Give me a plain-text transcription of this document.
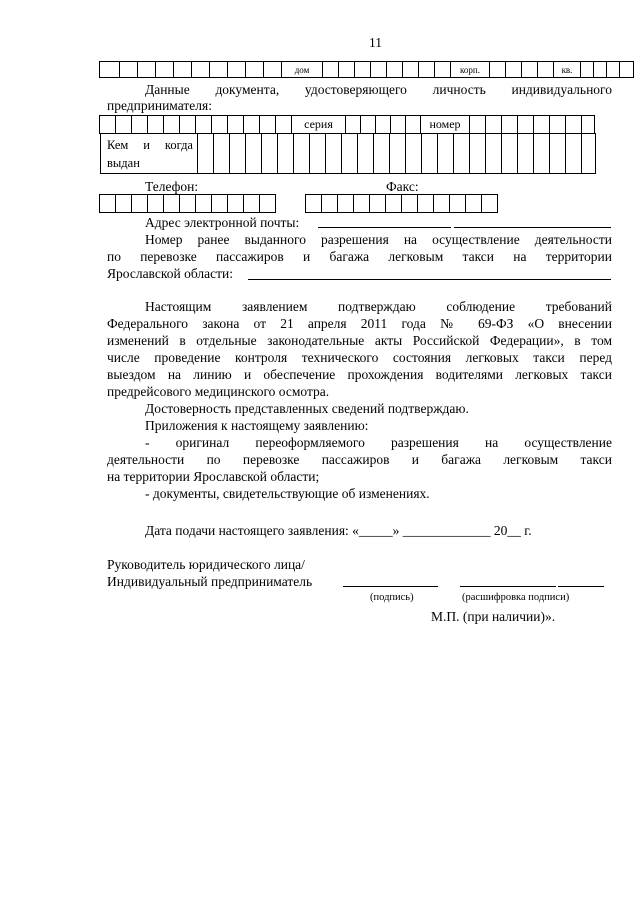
11
дом	корп.	кв.
Данные документа, удостоверяющего личность индивидуального
предпринимателя:
серия	номер
Кем и когда
выдан
Телефон:	Факс:
Адрес электронной почты:
Номер ранее выданного разрешения на осуществление деятельности
по перевозке пассажиров и багажа легковым такси на территории
Ярославской области:
Настоящим заявлением подтверждаю соблюдение требований
Федерального закона от 21 апреля 2011 года № 69-ФЗ «О внесении
изменений в отдельные законодательные акты Российской Федерации», в том
числе проведение контроля технического состояния легковых такси перед
выездом на линию и обеспечение прохождения водителями легковых такси
предрейсового медицинского осмотра.
Достоверность представленных сведений подтверждаю.
Приложения к настоящему заявлению:
- оригинал переоформляемого разрешения на осуществление
деятельности по перевозке пассажиров и багажа легковым такси
на территории Ярославской области;
- документы, свидетельствующие об изменениях.
Дата подачи настоящего заявления: «_____» _____________ 20__ г.
Руководитель юридического лица/
Индивидуальный предприниматель
(подпись)	(расшифровка подписи)
М.П. (при наличии)».
